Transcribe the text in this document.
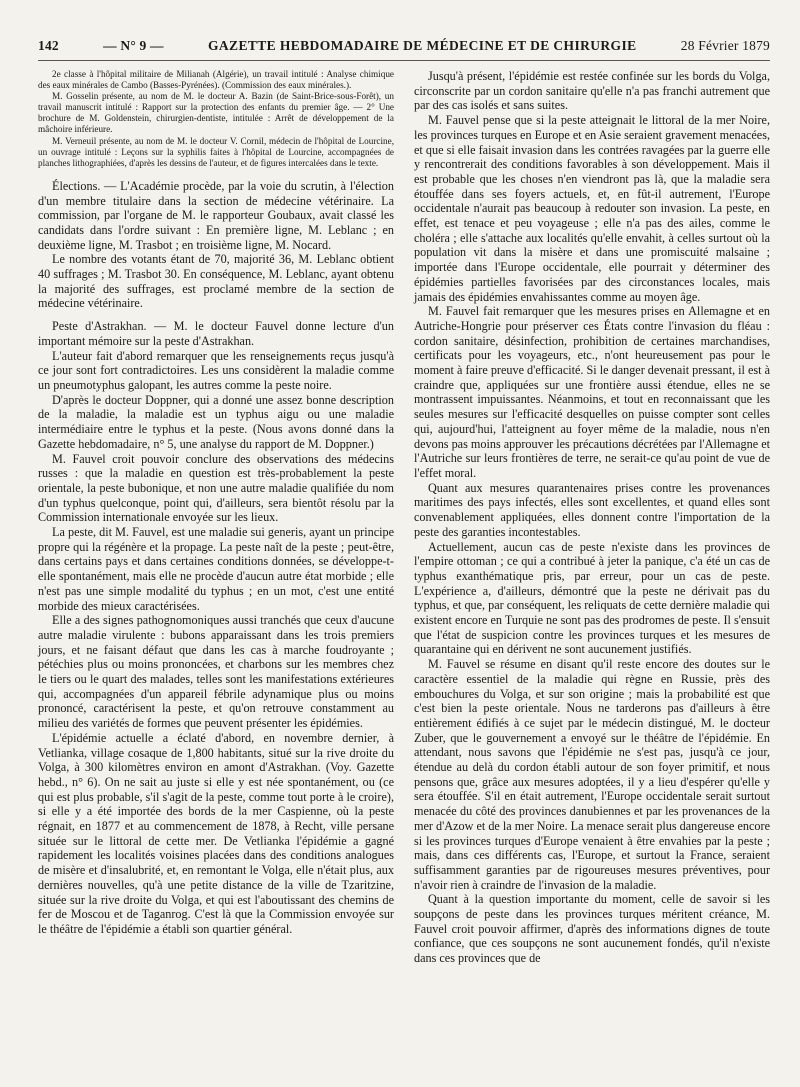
142	— N° 9 —	GAZETTE HEBDOMADAIRE DE MÉDECINE ET DE CHIRURGIE	28 Février 1879

2e classe à l'hôpital militaire de Milianah (Algérie), un travail intitulé : Analyse chimique des eaux minérales de Cambo (Basses-Pyrénées). (Commission des eaux minérales.).

M. Gosselin présente, au nom de M. le docteur A. Bazin (de Saint-Brice-sous-Forêt), un travail manuscrit intitulé : Rapport sur la protection des enfants du premier âge. — 2° Une brochure de M. Goldenstein, chirurgien-dentiste, intitulée : Arrêt de développement de la mâchoire inférieure.

M. Verneuil présente, au nom de M. le docteur V. Cornil, médecin de l'hôpital de Lourcine, un ouvrage intitulé : Leçons sur la syphilis faites à l'hôpital de Lourcine, accompagnées de planches lithographiées, d'après les dessins de l'auteur, et de figures intercalées dans le texte.

Élections. — L'Académie procède, par la voie du scrutin, à l'élection d'un membre titulaire dans la section de médecine vétérinaire. La commission, par l'organe de M. le rapporteur Goubaux, avait classé les candidats dans l'ordre suivant : En première ligne, M. Leblanc ; en deuxième ligne, M. Trasbot ; en troisième ligne, M. Nocard.

Le nombre des votants étant de 70, majorité 36, M. Leblanc obtient 40 suffrages ; M. Trasbot 30. En conséquence, M. Leblanc, ayant obtenu la majorité des suffrages, est proclamé membre de la section de médecine vétérinaire.

Peste d'Astrakhan. — M. le docteur Fauvel donne lecture d'un important mémoire sur la peste d'Astrakhan.

L'auteur fait d'abord remarquer que les renseignements reçus jusqu'à ce jour sont fort contradictoires. Les uns considèrent la maladie comme un pneumotyphus galopant, les autres comme la peste noire.

D'après le docteur Doppner, qui a donné une assez bonne description de la maladie, la maladie est un typhus aigu ou une maladie intermédiaire entre le typhus et la peste. (Nous avons donné dans la Gazette hebdomadaire, n° 5, une analyse du rapport de M. Doppner.)

M. Fauvel croit pouvoir conclure des observations des médecins russes : que la maladie en question est très-probablement la peste orientale, la peste bubonique, et non une autre maladie qualifiée du nom d'un typhus quelconque, point qui, d'ailleurs, sera bientôt résolu par la Commission internationale envoyée sur les lieux.

La peste, dit M. Fauvel, est une maladie sui generis, ayant un principe propre qui la régénère et la propage. La peste naît de la peste ; peut-être, dans certains pays et dans certaines conditions données, se développe-t-elle spontanément, mais elle ne procède d'aucun autre état morbide ; elle n'est pas une simple modalité du typhus ; en un mot, c'est une entité morbide des mieux caractérisées.

Elle a des signes pathognomoniques aussi tranchés que ceux d'aucune autre maladie virulente : bubons apparaissant dans les trois premiers jours, et ne faisant défaut que dans les cas à marche foudroyante ; pétéchies plus ou moins prononcées, et charbons sur les membres chez le tiers ou le quart des malades, telles sont les manifestations extérieures qui, accompagnées d'un appareil fébrile adynamique plus ou moins prononcé, caractérisent la peste, et qu'on retrouve constamment au milieu des variétés de formes que peuvent présenter les épidémies.

L'épidémie actuelle a éclaté d'abord, en novembre dernier, à Vetlianka, village cosaque de 1,800 habitants, situé sur la rive droite du Volga, à 300 kilomètres environ en amont d'Astrakhan. (Voy. Gazette hebd., n° 6). On ne sait au juste si elle y est née spontanément, ou (ce qui est plus probable, s'il s'agit de la peste, comme tout porte à le croire), si elle y a été importée des bords de la mer Caspienne, où la peste régnait, en 1877 et au commencement de 1878, à Recht, ville persane située sur le littoral de cette mer. De Vetlianka l'épidémie a gagné rapidement les localités voisines placées dans des conditions analogues de misère et d'insalubrité, et, en remontant le Volga, elle n'était plus, aux dernières nouvelles, qu'à une petite distance de la ville de Tzaritzine, située sur la rive droite du Volga, et qui est l'aboutissant des chemins de fer de Moscou et de Taganrog. C'est là que la Commission envoyée sur le théâtre de l'épidémie a établi son quartier général.

Jusqu'à présent, l'épidémie est restée confinée sur les bords du Volga, circonscrite par un cordon sanitaire qu'elle n'a pas franchi autrement que par des cas isolés et sans suites.

M. Fauvel pense que si la peste atteignait le littoral de la mer Noire, les provinces turques en Europe et en Asie seraient gravement menacées, et que si elle faisait invasion dans les contrées ravagées par la guerre elle y rencontrerait des conditions favorables à son développement. Mais il est probable que les choses n'en viendront pas là, que la maladie sera étouffée dans ses foyers actuels, et, en fût-il autrement, l'Europe occidentale n'aurait pas beaucoup à redouter son invasion. La peste, en effet, est tenace et peu voyageuse ; elle n'a pas des ailes, comme le choléra ; elle s'attache aux localités qu'elle envahit, à celles surtout où la population vit dans la misère et dans une promiscuité malsaine ; importée dans l'Europe occidentale, elle pourrait y déterminer des épidémies partielles favorisées par des circonstances locales, mais jamais des épidémies envahissantes comme au moyen âge.

M. Fauvel fait remarquer que les mesures prises en Allemagne et en Autriche-Hongrie pour préserver ces États contre l'invasion du fléau : cordon sanitaire, désinfection, prohibition de certaines marchandises, certificats pour les voyageurs, etc., n'ont heureusement pas pour le moment à faire preuve d'efficacité. Si le danger devenait pressant, il est à craindre que, appliquées sur une frontière aussi étendue, elles ne se montrassent impuissantes. Néanmoins, et tout en reconnaissant que les seules mesures sur l'efficacité desquelles on puisse compter sont celles qui, aujourd'hui, l'atteignent au foyer même de la maladie, nous n'en devons pas moins approuver les précautions décrétées par l'Allemagne et l'Autriche sur leurs frontières de terre, ne serait-ce qu'au point de vue de l'effet moral.

Quant aux mesures quarantenaires prises contre les provenances maritimes des pays infectés, elles sont excellentes, et quand elles sont convenablement appliquées, elles donnent contre l'importation de la peste des garanties incontestables.

Actuellement, aucun cas de peste n'existe dans les provinces de l'empire ottoman ; ce qui a contribué à jeter la panique, c'a été un cas de typhus exanthématique pris, par erreur, pour un cas de peste. L'expérience a, d'ailleurs, démontré que la peste ne dérivait pas du typhus, et que, par conséquent, les reliquats de cette dernière maladie qui existent encore en Turquie ne sont pas des prodromes de peste. Il s'ensuit que l'état de suspicion contre les provinces turques et les mesures de quarantaine qui en dérivent ne sont aucunement justifiés.

M. Fauvel se résume en disant qu'il reste encore des doutes sur le caractère essentiel de la maladie qui règne en Russie, près des embouchures du Volga, et sur son origine ; mais la probabilité est que c'est bien la peste orientale. Nous ne tarderons pas d'ailleurs à être entièrement édifiés à ce sujet par le médecin distingué, M. le docteur Zuber, que le gouvernement a envoyé sur le théâtre de l'épidémie. En attendant, nous savons que l'épidémie ne s'est pas, jusqu'à ce jour, étendue au delà du cordon établi autour de son foyer primitif, et nous pensons que, grâce aux mesures adoptées, il y a lieu d'espérer qu'elle y sera étouffée. S'il en était autrement, l'Europe occidentale serait surtout menacée du côté des provinces danubiennes et par les provenances de la mer d'Azow et de la mer Noire. La menace serait plus dangereuse encore si les provinces turques d'Europe venaient à être envahies par la peste ; mais, dans ces différents cas, l'Europe, et surtout la France, seraient suffisamment garanties par de rigoureuses mesures préventives, pour n'avoir rien à craindre de l'invasion de la maladie.

Quant à la question importante du moment, celle de savoir si les soupçons de peste dans les provinces turques méritent créance, M. Fauvel croit pouvoir affirmer, d'après des informations dignes de toute confiance, que ces soupçons ne sont aucunement fondés, qu'il n'existe dans ces provinces que de
